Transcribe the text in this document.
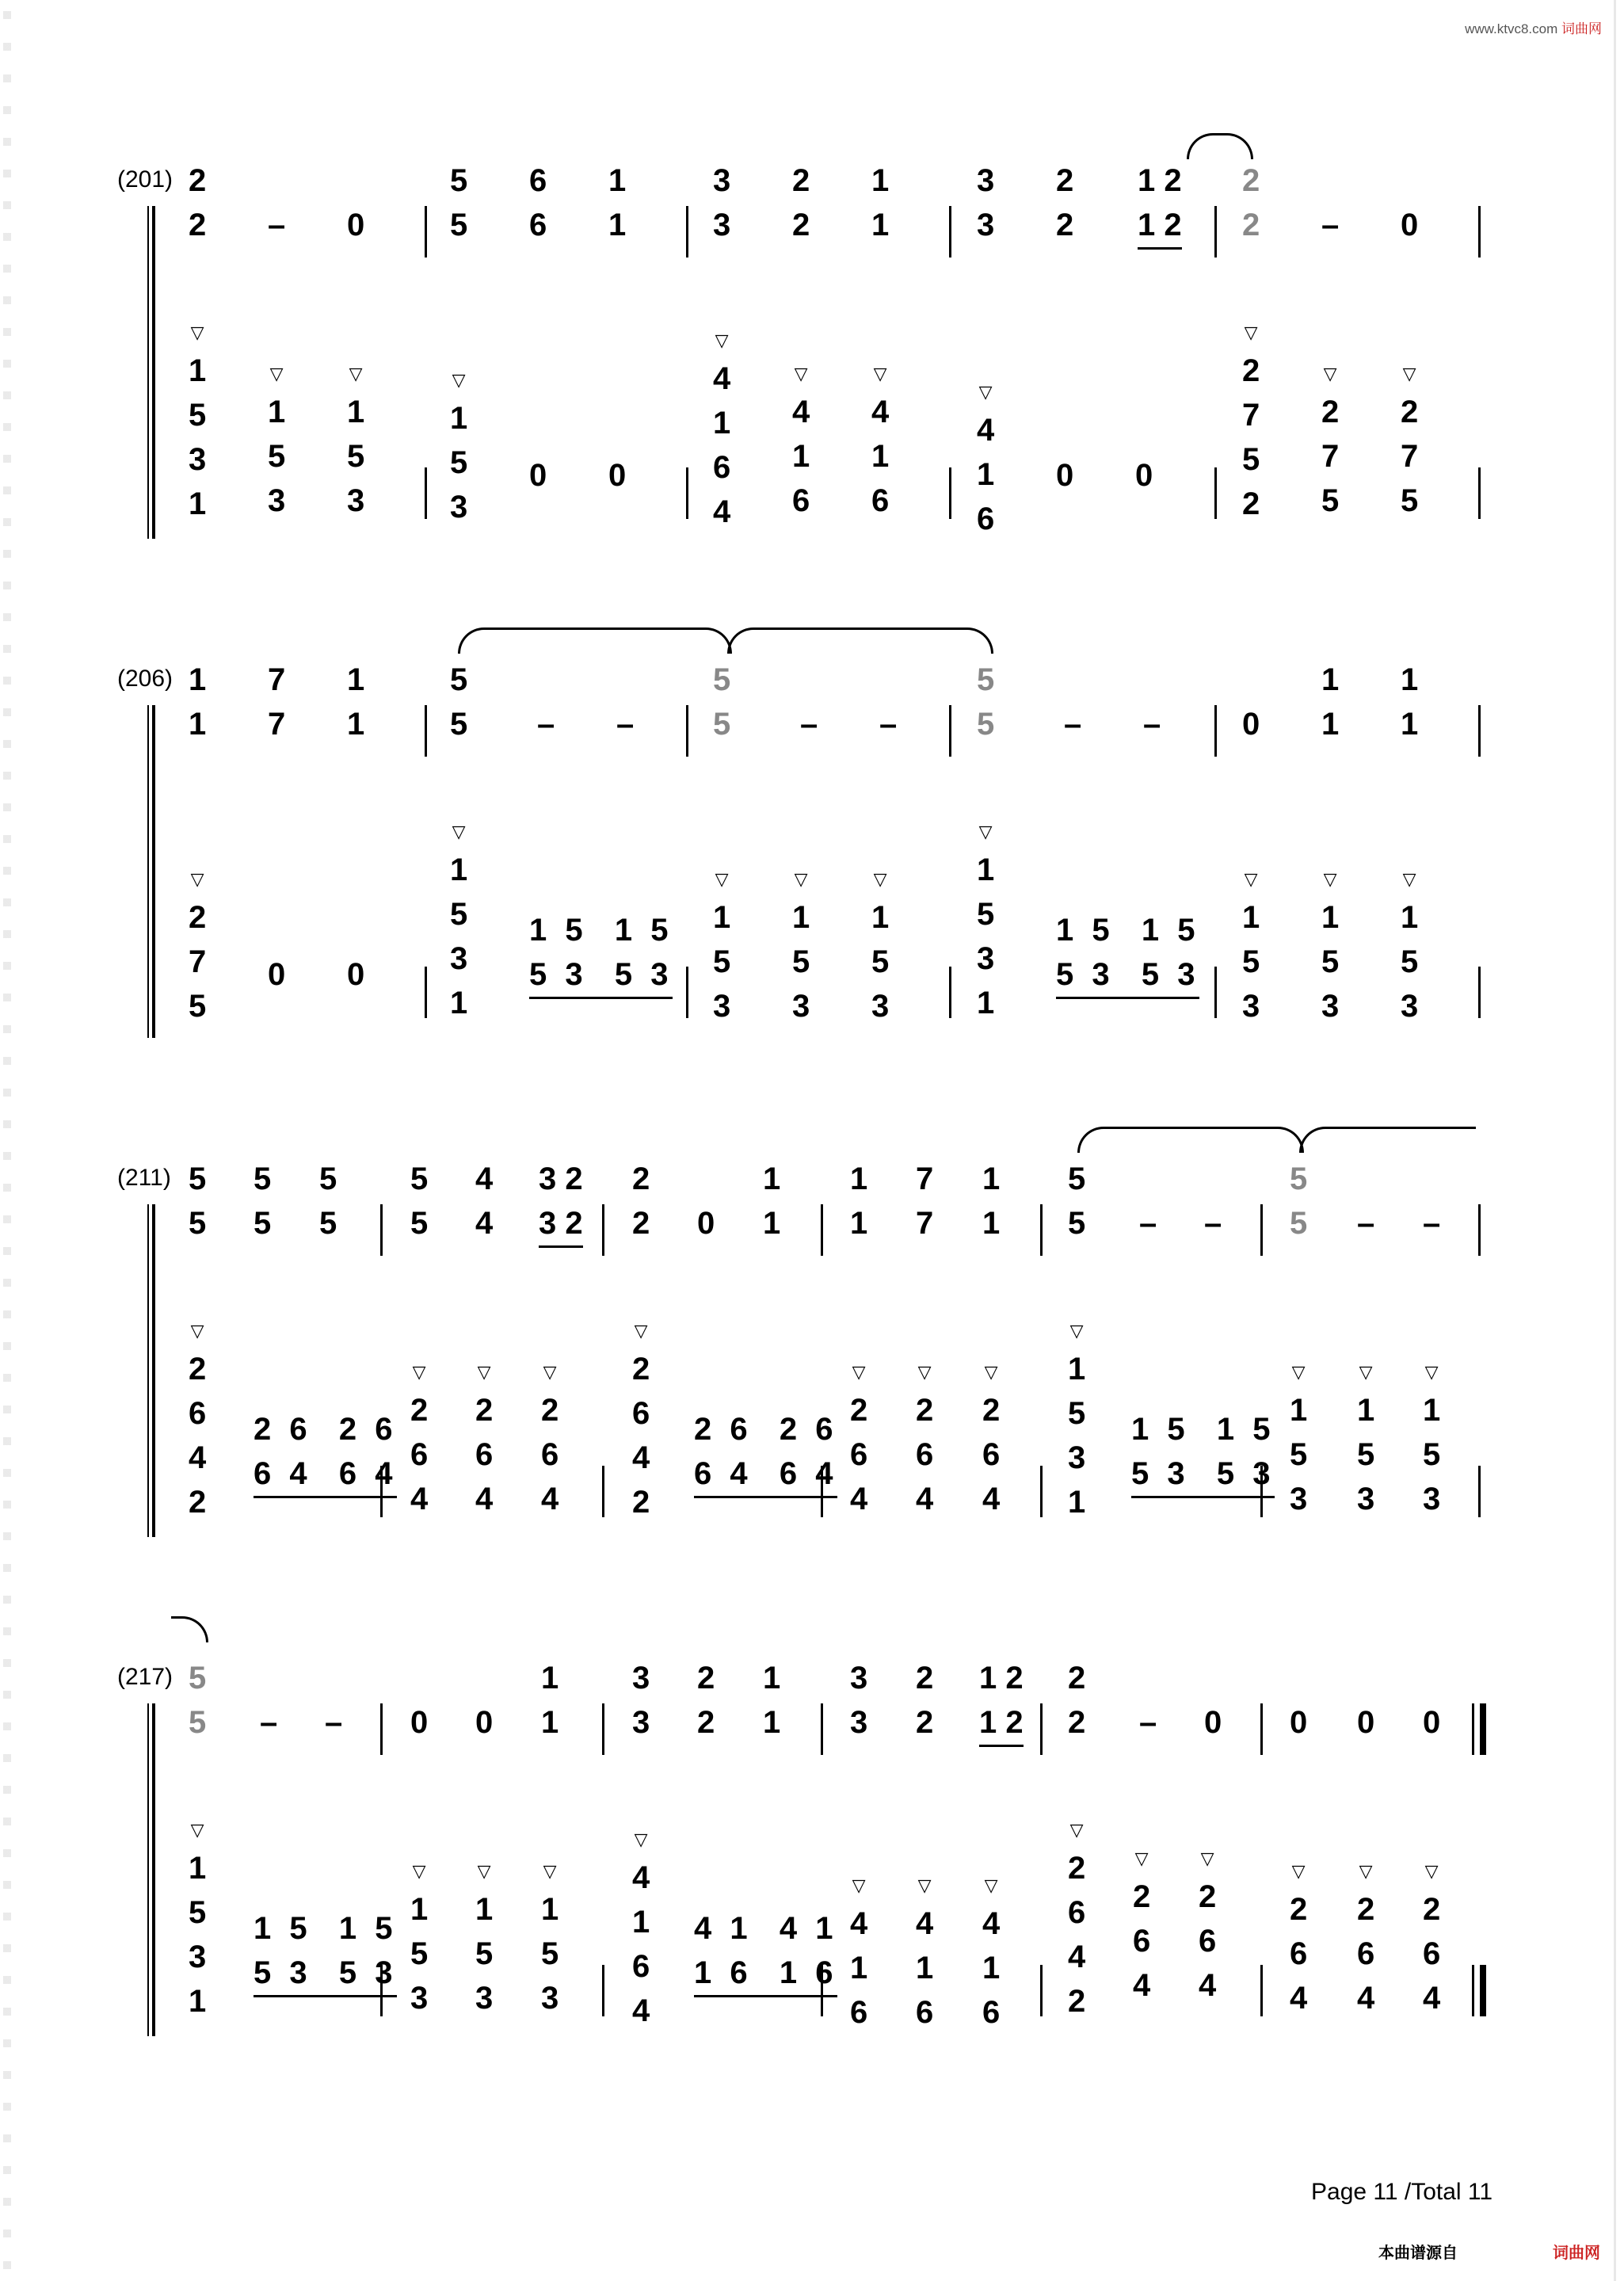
www.ktvc8.com 词曲网
(201) 2
2 – 0
5
5
6
6
1
1
3
3
2
2
1
1
3
3
2
2
1 2
1 2
2
2 – 0
▽
1
5
3
1
▽
1
5
3
▽
1
5
3
▽
1
5
3
0 0
▽
4
1
6
4
▽
4
1
6
▽
4
1
6
▽
4
1
6
0 0
▽
2
7
5
2
▽
2
7
5
▽
2
7
5
(206) 1
1
7
7
1
1
5
5 – –
5
5 – –
5
5 – –	0
1
1
1
1
▽
2
7
5
0 0
▽
1
5
3
1
1 5  1 5
5 3  5 3
▽
1
5
3
▽
1
5
3
▽
1
5
3
▽
1
5
3
1
1 5  1 5
5 3  5 3
▽
1
5
3
▽
1
5
3
▽
1
5
3
(211) 5
5
5
5
5
5
5
5
4
4
3 2
3 2
2
2 0
1
1
1
1
7
7
1
1
5
5 – –
5
5 – –
▽
2
6
4
2
2 6  2 6
6 4  6 4
▽
2
6
4
▽
2
6
4
▽
2
6
4
▽
2
6
4
2
2 6  2 6
6 4  6 4
▽
2
6
4
▽
2
6
4
▽
2
6
4
▽
1
5
3
1
1 5  1 5
5 3  5 3
▽
1
5
3
▽
1
5
3
▽
1
5
3
(217) 5
5 – – 0 0
1
1
3
3
2
2
1
1
3
3
2
2
1 2
1 2
2
2 – 0 0 0 0
▽
1
5
3
1
1 5  1 5
5 3  5 3
▽
1
5
3
▽
1
5
3
▽
1
5
3
▽
4
1
6
4
4 1  4 1
1 6  1 6
▽
4
1
6
▽
4
1
6
▽
4
1
6
▽
2
6
4
2
▽
2
6
4
▽
2
6
4
▽
2
6
4
▽
2
6
4
▽
2
6
4
Page 11 /Total 11
本曲谱源自	词曲网
